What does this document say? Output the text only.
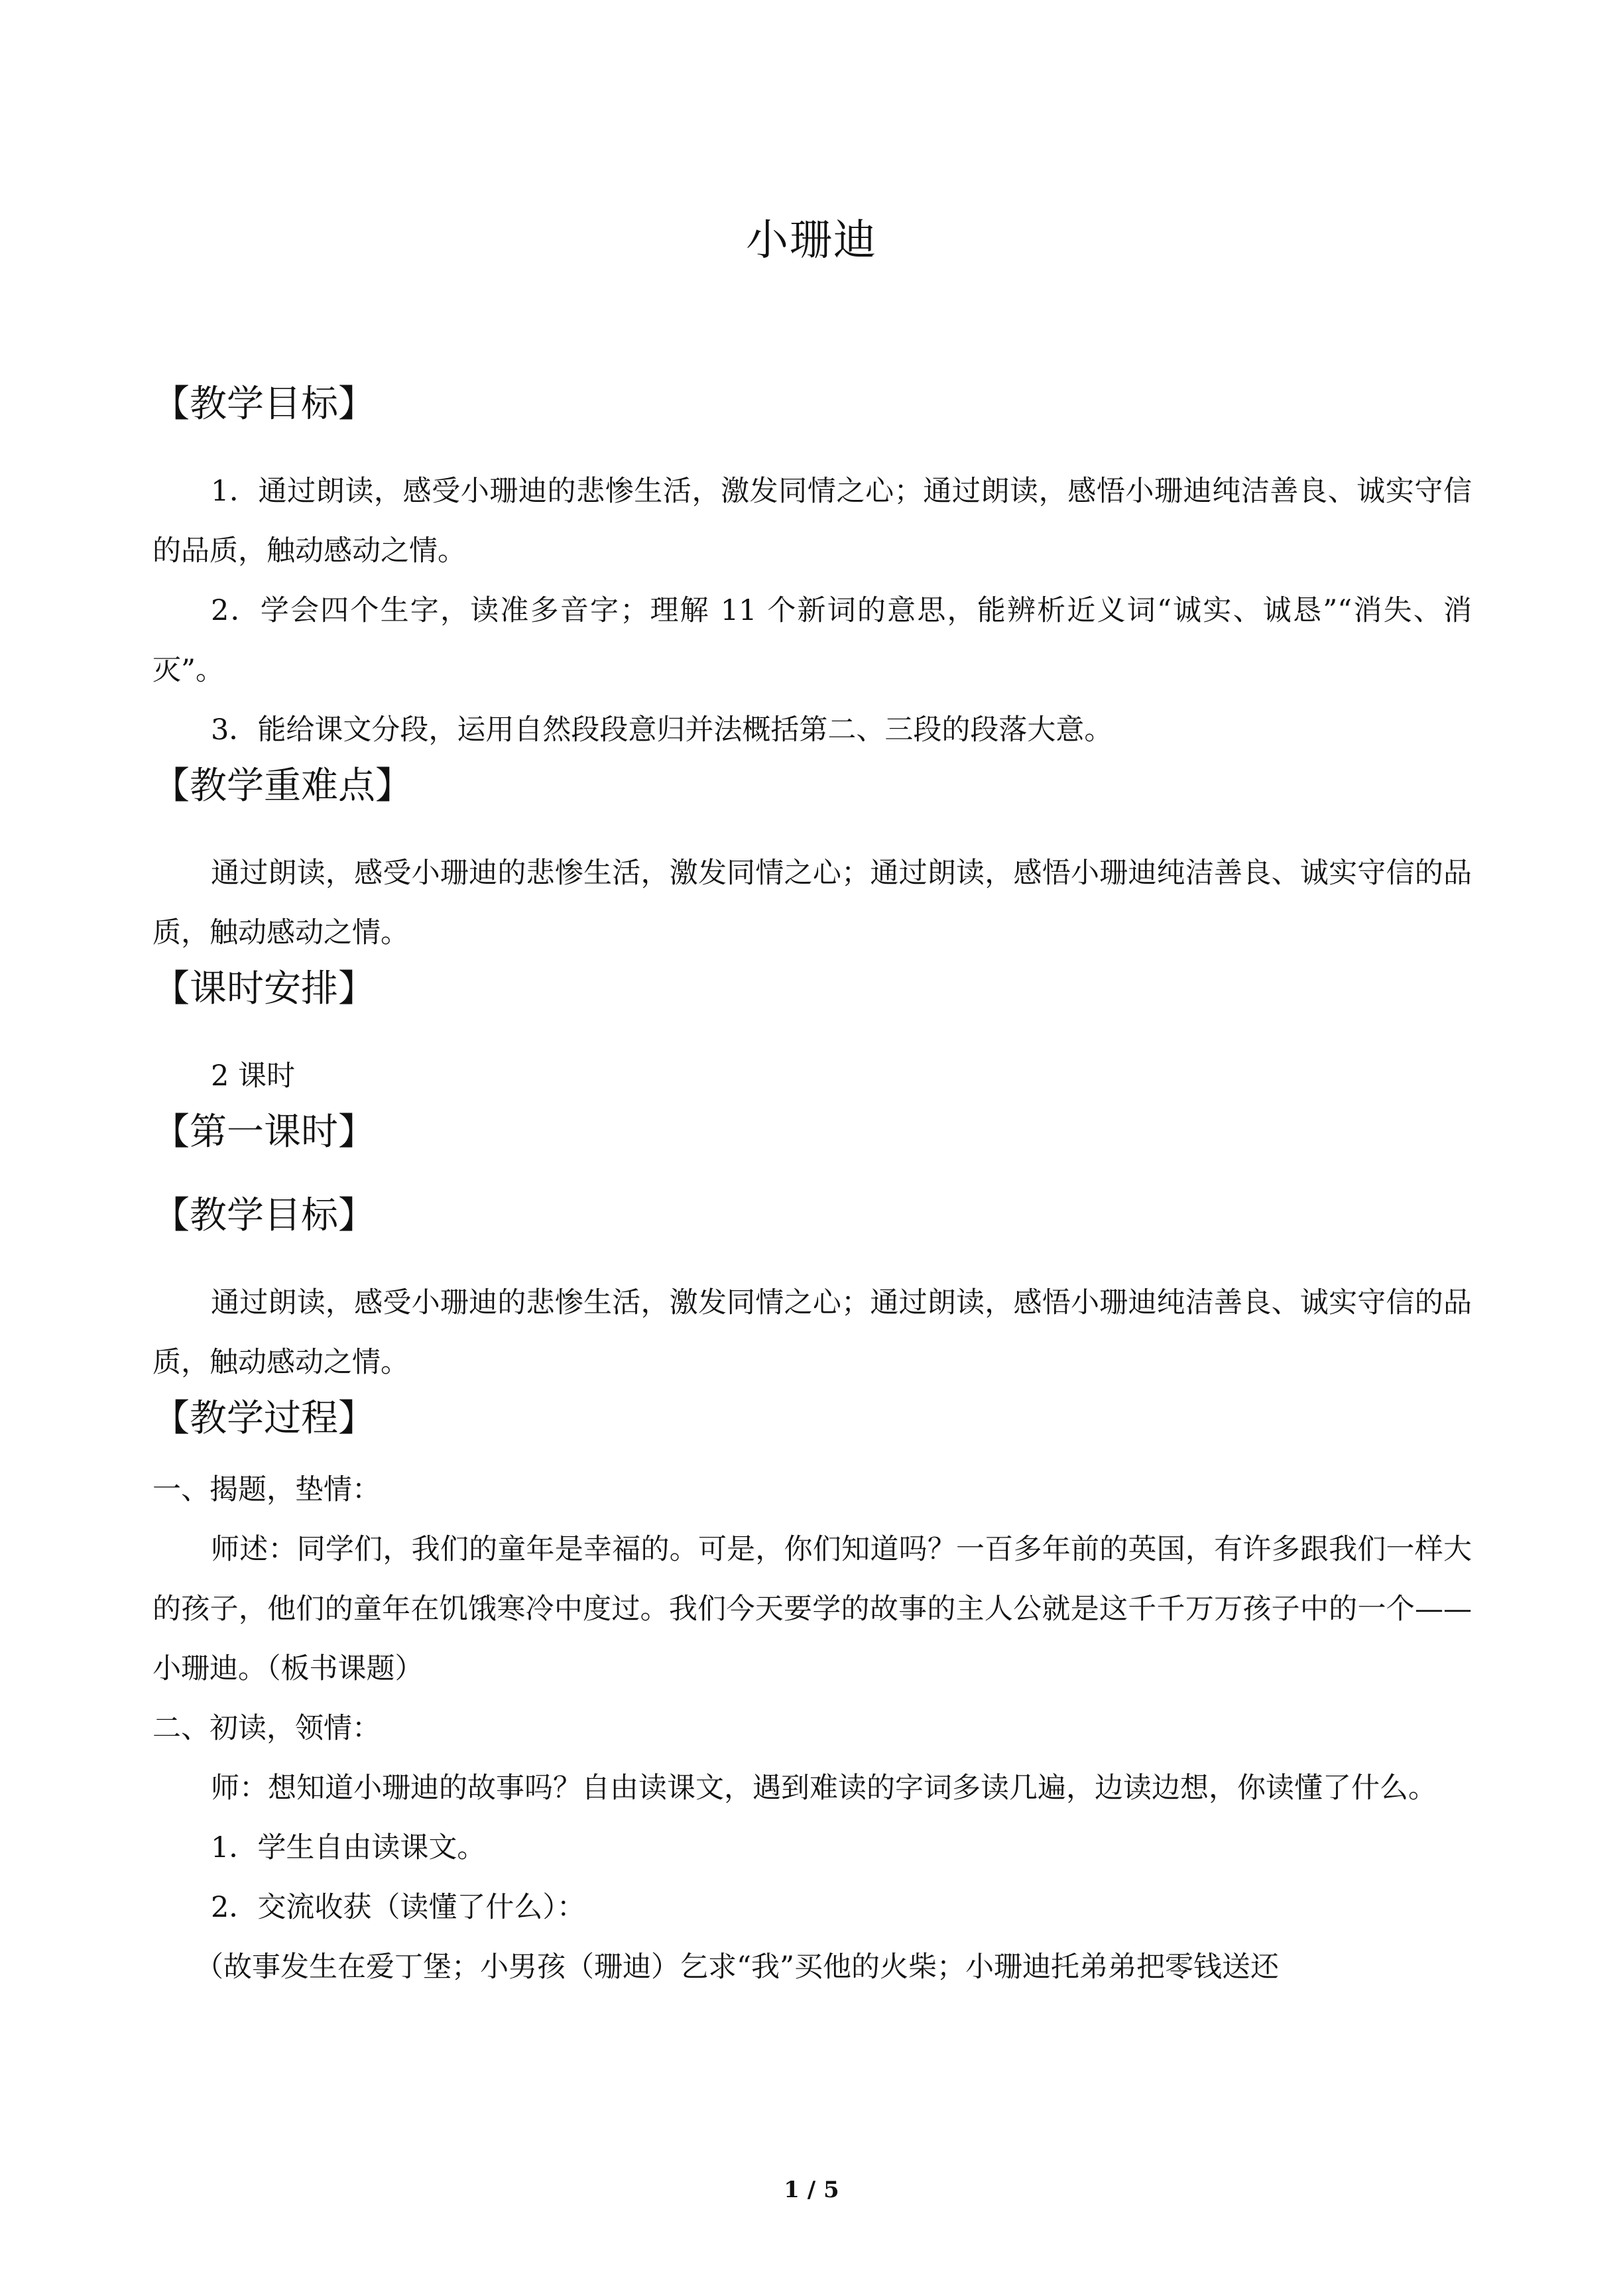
小珊迪
【教学目标】

1．通过朗读，感受小珊迪的悲惨生活，激发同情之心；通过朗读，感悟小珊迪纯洁善良、诚实守信的品质，触动感动之情。

2．学会四个生字，读准多音字；理解 11 个新词的意思，能辨析近义词“诚实、诚恳”“消失、消灭”。

3．能给课文分段，运用自然段段意归并法概括第二、三段的段落大意。

【教学重难点】

通过朗读，感受小珊迪的悲惨生活，激发同情之心；通过朗读，感悟小珊迪纯洁善良、诚实守信的品质，触动感动之情。

【课时安排】

2 课时

【第一课时】
【教学目标】

通过朗读，感受小珊迪的悲惨生活，激发同情之心；通过朗读，感悟小珊迪纯洁善良、诚实守信的品质，触动感动之情。

【教学过程】

一、揭题，垫情：

师述：同学们，我们的童年是幸福的。可是，你们知道吗？一百多年前的英国，有许多跟我们一样大的孩子，他们的童年在饥饿寒冷中度过。我们今天要学的故事的主人公就是这千千万万孩子中的一个——小珊迪。（板书课题）

二、初读，领情：

师：想知道小珊迪的故事吗？自由读课文，遇到难读的字词多读几遍，边读边想，你读懂了什么。

1．学生自由读课文。

2．交流收获（读懂了什么）：

（故事发生在爱丁堡；小男孩（珊迪）乞求“我”买他的火柴；小珊迪托弟弟把零钱送还

1 / 5
